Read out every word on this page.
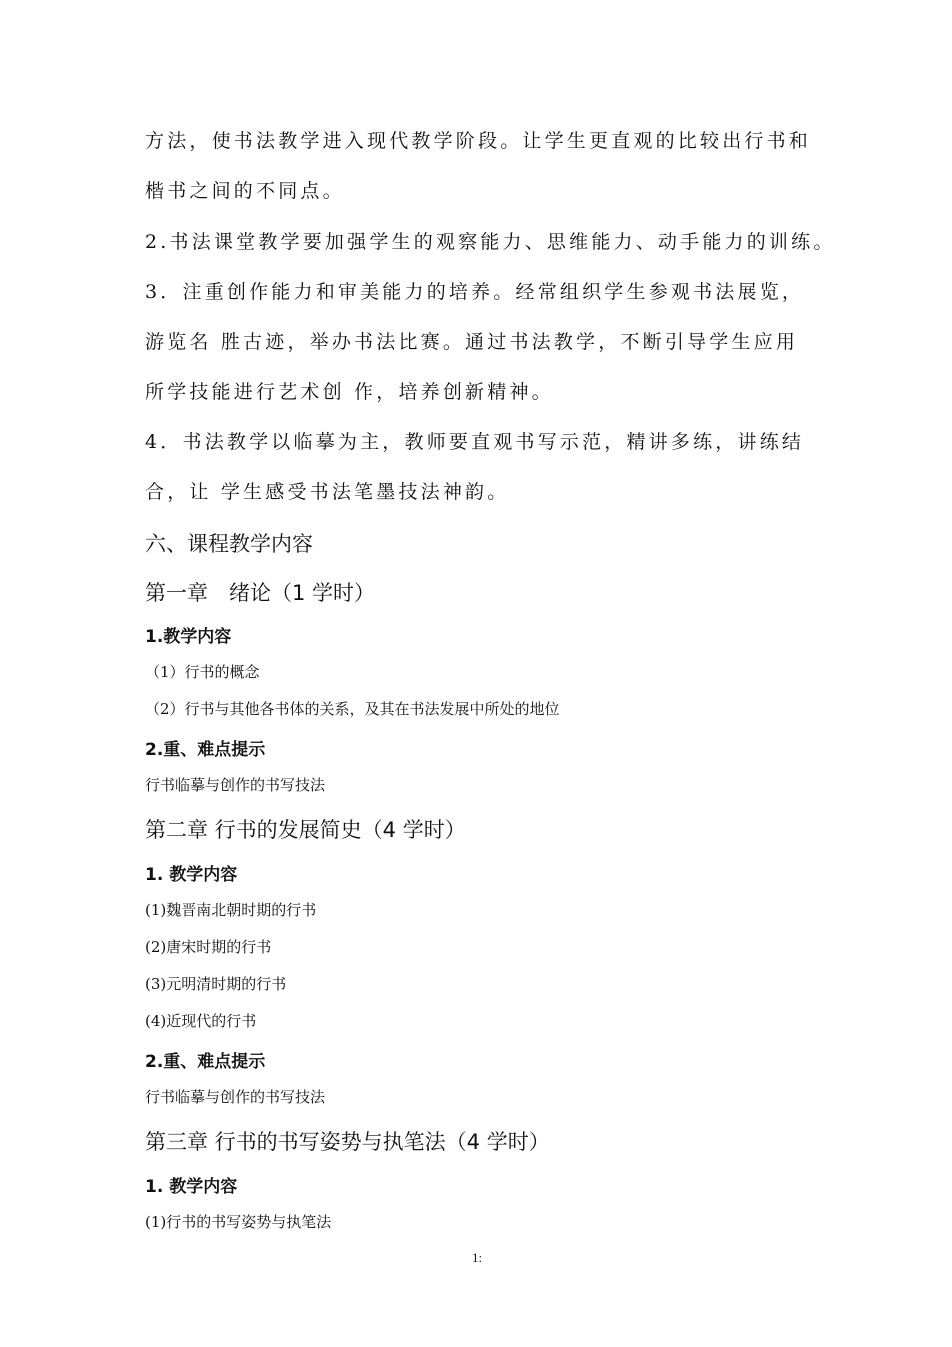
方法，使书法教学进入现代教学阶段。让学生更直观的比较出行书和
楷书之间的不同点。
2.书法课堂教学要加强学生的观察能力、思维能力、动手能力的训练。
3．注重创作能力和审美能力的培养。经常组织学生参观书法展览，
游览名 胜古迹，举办书法比赛。通过书法教学，不断引导学生应用
所学技能进行艺术创 作，培养创新精神。
4．书法教学以临摹为主，教师要直观书写示范，精讲多练，讲练结
合，让 学生感受书法笔墨技法神韵。
六、课程教学内容
第一章　绪论（1 学时）
1.教学内容
（1）行书的概念
（2）行书与其他各书体的关系，及其在书法发展中所处的地位
2.重、难点提示
行书临摹与创作的书写技法
第二章 行书的发展简史（4 学时）
1. 教学内容
(1)魏晋南北朝时期的行书
(2)唐宋时期的行书
(3)元明清时期的行书
(4)近现代的行书
2.重、难点提示
行书临摹与创作的书写技法
第三章 行书的书写姿势与执笔法（4 学时）
1. 教学内容
(1)行书的书写姿势与执笔法
1:
